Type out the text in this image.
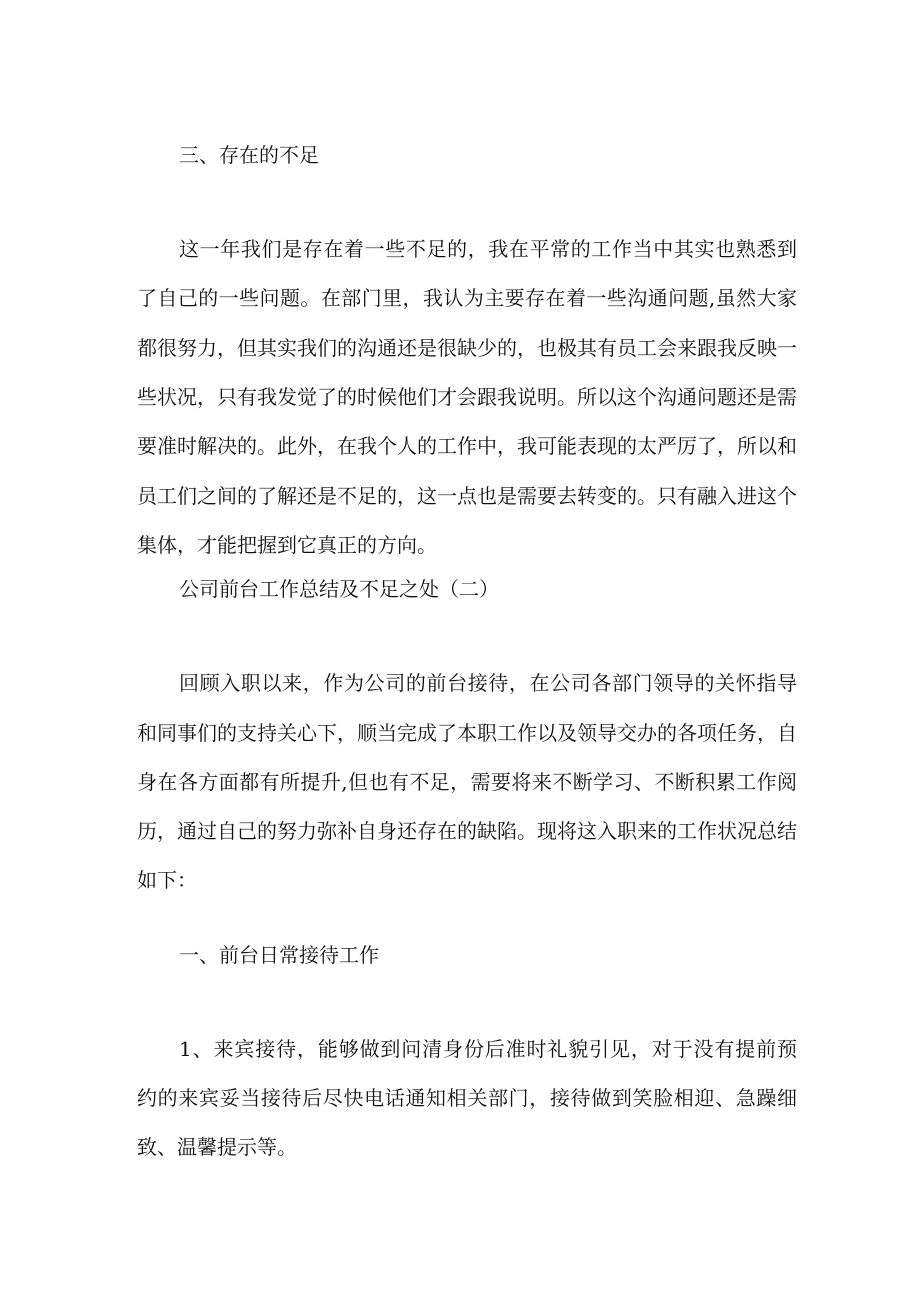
三、存在的不足
这一年我们是存在着一些不足的，我在平常的工作当中其实也熟悉到
了自己的一些问题。在部门里，我认为主要存在着一些沟通问题,虽然大家
都很努力，但其实我们的沟通还是很缺少的，也极其有员工会来跟我反映一
些状况，只有我发觉了的时候他们才会跟我说明。所以这个沟通问题还是需
要准时解决的。此外，在我个人的工作中，我可能表现的太严厉了，所以和
员工们之间的了解还是不足的，这一点也是需要去转变的。只有融入进这个
集体，才能把握到它真正的方向。
公司前台工作总结及不足之处（二）
回顾入职以来，作为公司的前台接待，在公司各部门领导的关怀指导
和同事们的支持关心下，顺当完成了本职工作以及领导交办的各项任务，自
身在各方面都有所提升,但也有不足，需要将来不断学习、不断积累工作阅
历，通过自己的努力弥补自身还存在的缺陷。现将这入职来的工作状况总结
如下：
一、前台日常接待工作
1、来宾接待，能够做到问清身份后准时礼貌引见，对于没有提前预
约的来宾妥当接待后尽快电话通知相关部门，接待做到笑脸相迎、急躁细
致、温馨提示等。
